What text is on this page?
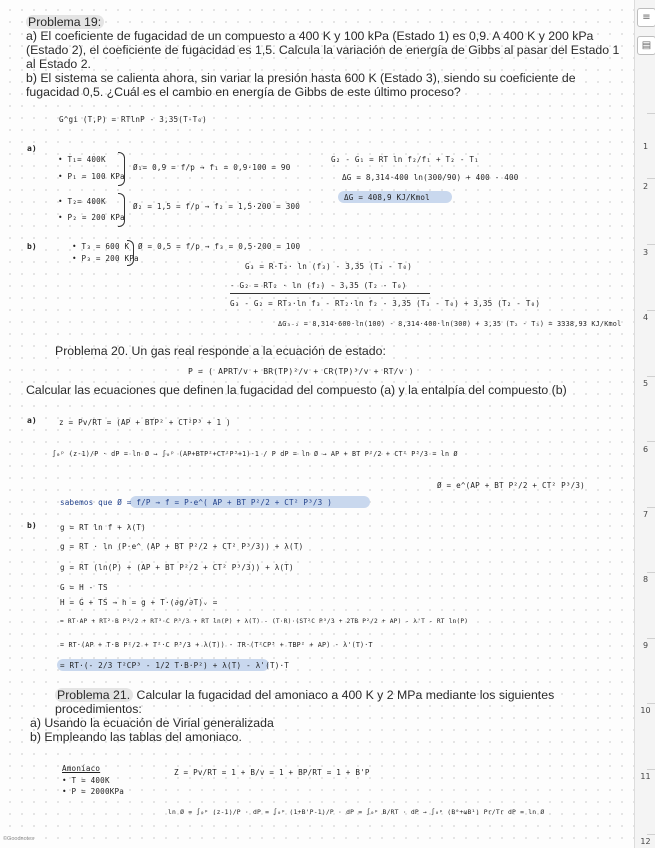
Problema 19:

a) El coeficiente de fugacidad de un compuesto a 400 K y 100 kPa (Estado 1) es 0,9. A 400 K y 200 kPa (Estado 2), el coeficiente de fugacidad es 1,5. Calcula la variación de energía de Gibbs al pasar del Estado 1 al Estado 2.

b) El sistema se calienta ahora, sin variar la presión hasta 600 K (Estado 3), siendo su coeficiente de fugacidad 0,5. ¿Cuál es el cambio en energía de Gibbs de este último proceso?

G^gi (T,P) = RTlnP - 3,35(T-T₀)
a)
• T₁= 400K
• P₁ = 100 KPa
Ø₁= 0,9 = f/p → f₁ = 0,9·100 = 90
• T₂= 400K
• P₂ = 200 KPa
Ø₂ = 1,5 = f/p → f₂ = 1,5·200 = 300
G₂ - G₁ = RT ln f₂/f₁ + T₂ - T₁
ΔG = 8,314·400 ln(300/90) + 400 - 400
ΔG = 408,9 KJ/Kmol
b)	• T₃ = 600 K
• P₃ = 200 KPa
Ø = 0,5 = f/p → f₃ = 0,5·200 = 100
G₃ = R·T₃· ln (f₃) - 3,35 (T₃ - T₀)
- G₂ = RT₂ · ln (f₂) - 3,35 (T₂ - T₀)
G₃ - G₂ = RT₃·ln f₃ - RT₂·ln f₂ - 3,35 (T₃ - T₀) + 3,35 (T₂ - T₀)
ΔG₃₋₂ = 8,314·600·ln(100) - 8,314·400·ln(300) + 3,35 (T₂ - T₃) = 3338,93 KJ/Kmol

Problema 20. Un gas real responde a la ecuación de estado:

P = ( APRT/v + BR(TP)²/v + CR(TP)³/v + RT/v )

Calcular las ecuaciones que definen la fugacidad del compuesto (a) y la entalpía del compuesto (b)

a)	z = Pv/RT = (AP + BTP² + CT²P³ + 1 )
∫₀ᵖ (z-1)/P · dP = ln Ø → ∫₀ᵖ (AP+BTP²+CT²P³+1)-1 / P dP = ln Ø → AP + BT P²/2 + CT² P³/3 = ln Ø
Ø = e^(AP + BT P²/2 + CT² P³/3)
sabemos que Ø = f/P → f = P·e^( AP + BT P²/2 + CT² P³/3 )
b)	g = RT ln f + λ(T)
g = RT · ln (P·e^ (AP + BT P²/2 + CT² P³/3)) + λ(T)
g = RT (ln(P) + (AP + BT P²/2 + CT² P³/3)) + λ(T)
G = H - TS
H = G + TS → h = g + T·(∂g/∂T)ᵥ =
= RT·AP + RT²·B P²/2 + RT³·C P³/3 + RT ln(P) + λ(T) - (T·R)·(ST²C P³/3 + 2TB P²/2 + AP) - λ'T - RT ln(P)
= RT·(AP + T·B P²/2 + T²·C P³/3 + λ(T)) - TR·(T²CP³ + TBP² + AP) - λ'(T)·T
= RT·(- 2/3 T²CP³ - 1/2 T·B·P²) + λ(T) - λ'(T)·T

Problema 21. Calcular la fugacidad del amoniaco a 400 K y 2 MPa mediante los siguientes procedimientos:

a) Usando la ecuación de Virial generalizada

b) Empleando las tablas del amoniaco.

Amoníaco
• T = 400K
• P = 2000KPa
Z = Pv/RT = 1 + B/v = 1 + BP/RT = 1 + B'P
ln Ø = ∫₀ᵖ (z-1)/P · dP = ∫₀ᵖ (1+B'P-1)/P · dP = ∫₀ᵖ B/RT · dP → ∫₀ᵖ (B⁰+ωB¹) Pr/Tr dP = ln Ø
©Goodnotes
≡
▤
1
2
3
4
5
6
7
8
9
10
11
12
